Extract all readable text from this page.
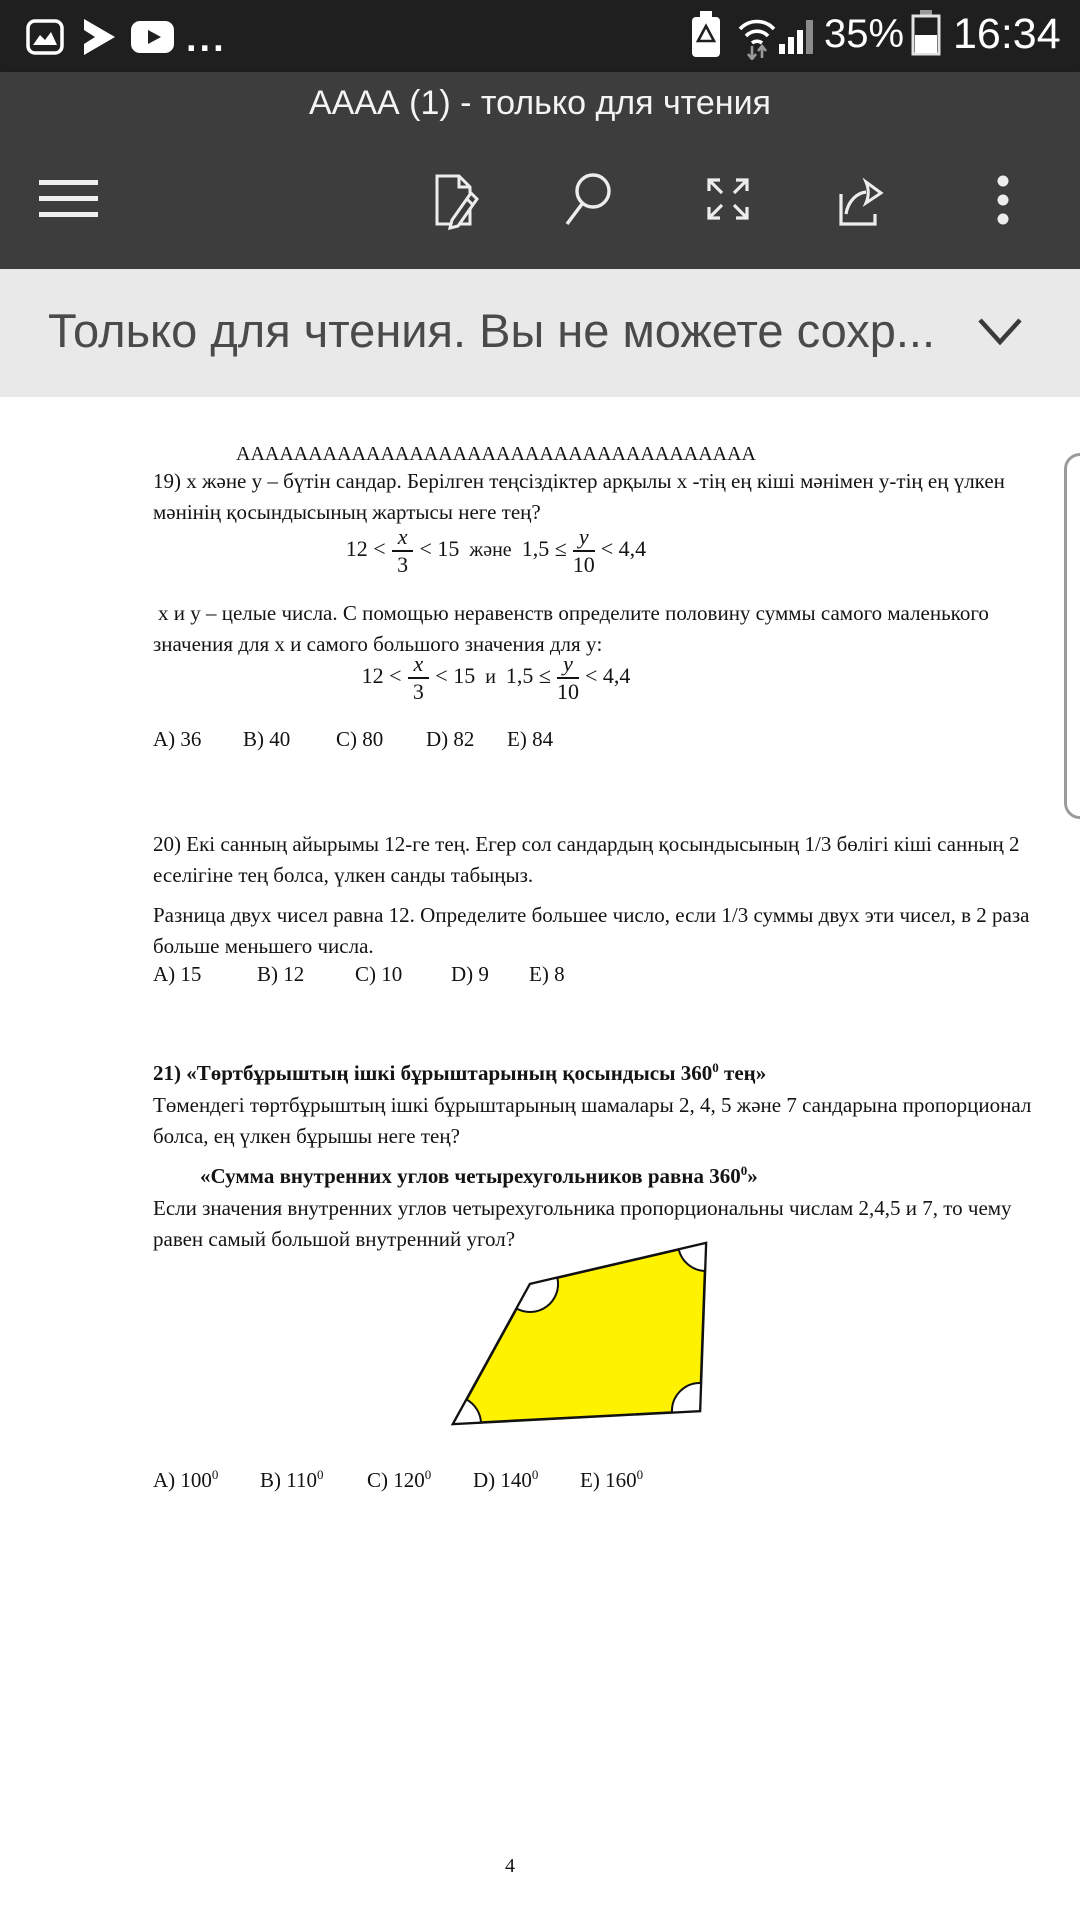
...	35% 16:34
АААА (1) - только для чтения
Только для чтения. Вы не можете сохр...
АААААААААААААААААААААААААААААААААААА
19) x және y – бүтін сандар. Берілген теңсіздіктер арқылы x -тің ең кіші мәнімен y-тің ең үлкен
мәнінің қосындысының жартысы неге тең?
$12 < \frac{x}{3} < 15$ және $1,5 \le \frac{y}{10} < 4,4$
x и y – целые числа. С помощью неравенств определите половину суммы самого маленького
значения для x и самого большого значения для y:
$12 < \frac{x}{3} < 15$ и $1,5 \le \frac{y}{10} < 4,4$
А) 36 В) 40 С) 80 D) 82 Е) 84
20) Екі санның айырымы 12-ге тең. Егер сол сандардың қосындысының 1/3 бөлігі кіші санның 2
еселігіне тең болса, үлкен санды табыңыз.
Разница двух чисел равна 12. Определите большее число, если 1/3 суммы двух эти чисел, в 2 раза
больше меньшего числа.
А) 15	В) 12 С) 10 D) 9 Е) 8
21) «Төртбұрыштың ішкі бұрыштарының қосындысы $360^0$ тең»
Төмендегі төртбұрыштың ішкі бұрыштарының шамалары 2, 4, 5 және 7 сандарына пропорционал
болса, ең үлкен бұрышы неге тең?
«Сумма внутренних углов четырехугольников равна $360^0$»
Если значения внутренних углов четырехугольника пропорциональны числам 2,4,5 и 7, то чему
равен самый большой внутренний угол?
А) $100^0$ В) $110^0$ С) $120^0$ D) $140^0$ Е) $160^0$
4
